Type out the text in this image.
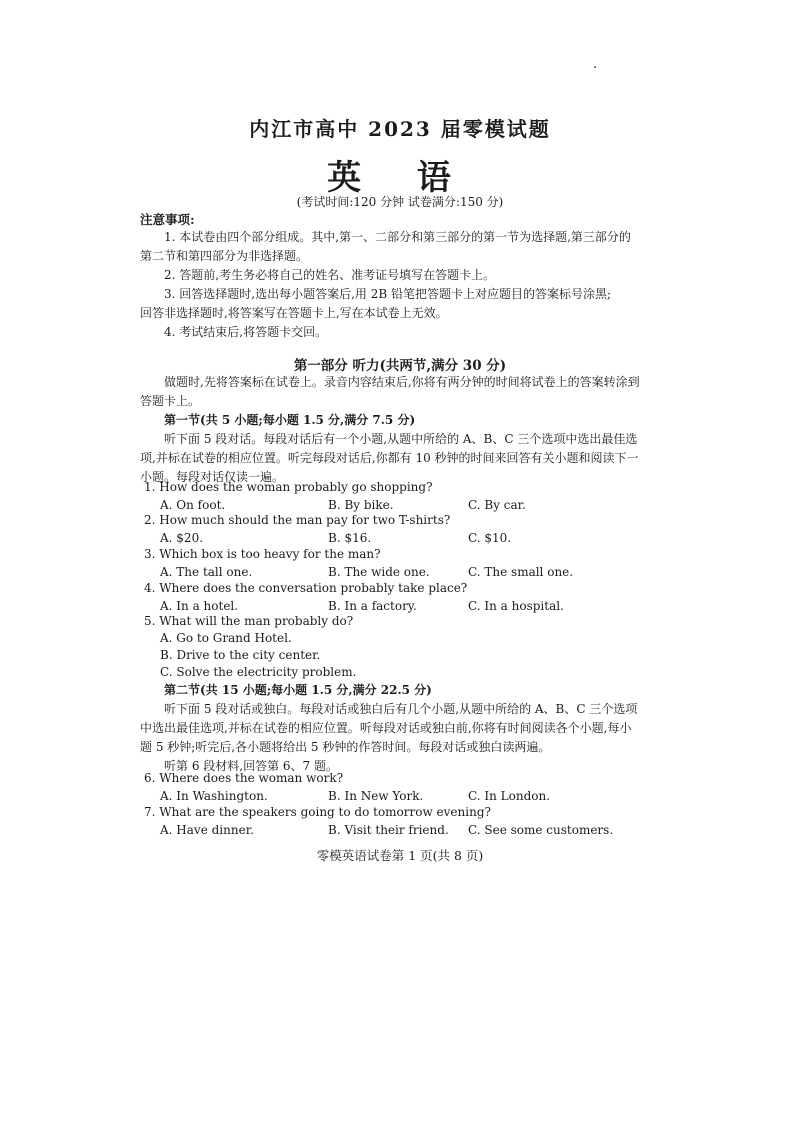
内江市高中 2023 届零模试题
英 语
(考试时间:120 分钟 试卷满分:150 分)
注意事项:

1. 本试卷由四个部分组成。其中,第一、二部分和第三部分的第一节为选择题,第三部分的第二节和第四部分为非选择题。

2. 答题前,考生务必将自己的姓名、准考证号填写在答题卡上。

3. 回答选择题时,选出每小题答案后,用 2B 铅笔把答题卡上对应题目的答案标号涂黑;

回答非选择题时,将答案写在答题卡上,写在本试卷上无效。

4. 考试结束后,将答题卡交回。

第一部分 听力(共两节,满分 30 分)

做题时,先将答案标在试卷上。录音内容结束后,你将有两分钟的时间将试卷上的答案转涂到答题卡上。

第一节(共 5 小题;每小题 1.5 分,满分 7.5 分)

听下面 5 段对话。每段对话后有一个小题,从题中所给的 A、B、C 三个选项中选出最佳选项,并标在试卷的相应位置。听完每段对话后,你都有 10 秒钟的时间来回答有关小题和阅读下一小题。每段对话仅读一遍。

1. How does the woman probably go shopping?
A. On foot.	B. By bike.	C. By car.
2. How much should the man pay for two T-shirts?
A. $20.	B. $16.	C. $10.
3. Which box is too heavy for the man?
A. The tall one.	B. The wide one.	C. The small one.
4. Where does the conversation probably take place?
A. In a hotel.	B. In a factory.	C. In a hospital.
5. What will the man probably do?
A. Go to Grand Hotel.
B. Drive to the city center.
C. Solve the electricity problem.

第二节(共 15 小题;每小题 1.5 分,满分 22.5 分)

听下面 5 段对话或独白。每段对话或独白后有几个小题,从题中所给的 A、B、C 三个选项中选出最佳选项,并标在试卷的相应位置。听每段对话或独白前,你将有时间阅读各个小题,每小题 5 秒钟;听完后,各小题将给出 5 秒钟的作答时间。每段对话或独白读两遍。

听第 6 段材料,回答第 6、7 题。

6. Where does the woman work?
A. In Washington.	B. In New York.	C. In London.
7. What are the speakers going to do tomorrow evening?
A. Have dinner.	B. Visit their friend.	C. See some customers.
零模英语试卷第 1 页(共 8 页)
